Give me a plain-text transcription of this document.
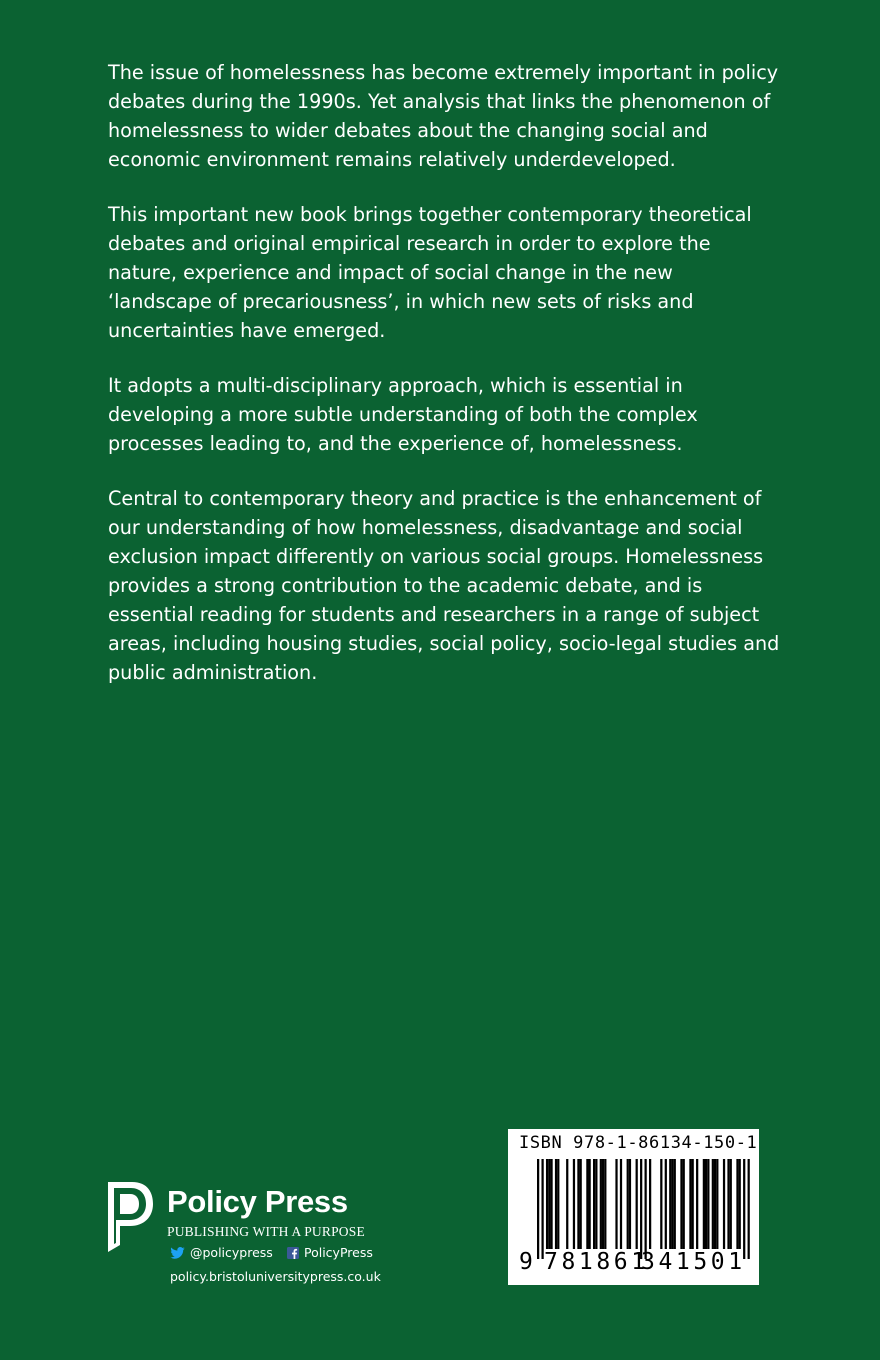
The issue of homelessness has become extremely important in policy debates during the 1990s. Yet analysis that links the phenomenon of homelessness to wider debates about the changing social and economic environment remains relatively underdeveloped.

This important new book brings together contemporary theoretical debates and original empirical research in order to explore the nature, experience and impact of social change in the new ‘landscape of precariousness’, in which new sets of risks and uncertainties have emerged.

It adopts a multi-disciplinary approach, which is essential in developing a more subtle understanding of both the complex processes leading to, and the experience of, homelessness.

Central to contemporary theory and practice is the enhancement of our understanding of how homelessness, disadvantage and social exclusion impact differently on various social groups. Homelessness provides a strong contribution to the academic debate, and is essential reading for students and researchers in a range of subject areas, including housing studies, social policy, socio-legal studies and public administration.

Policy Press
PUBLISHING WITH A PURPOSE
@policypress	PolicyPress
policy.bristoluniversitypress.co.uk
ISBN 978-1-86134-150-1
9 781861
341501
